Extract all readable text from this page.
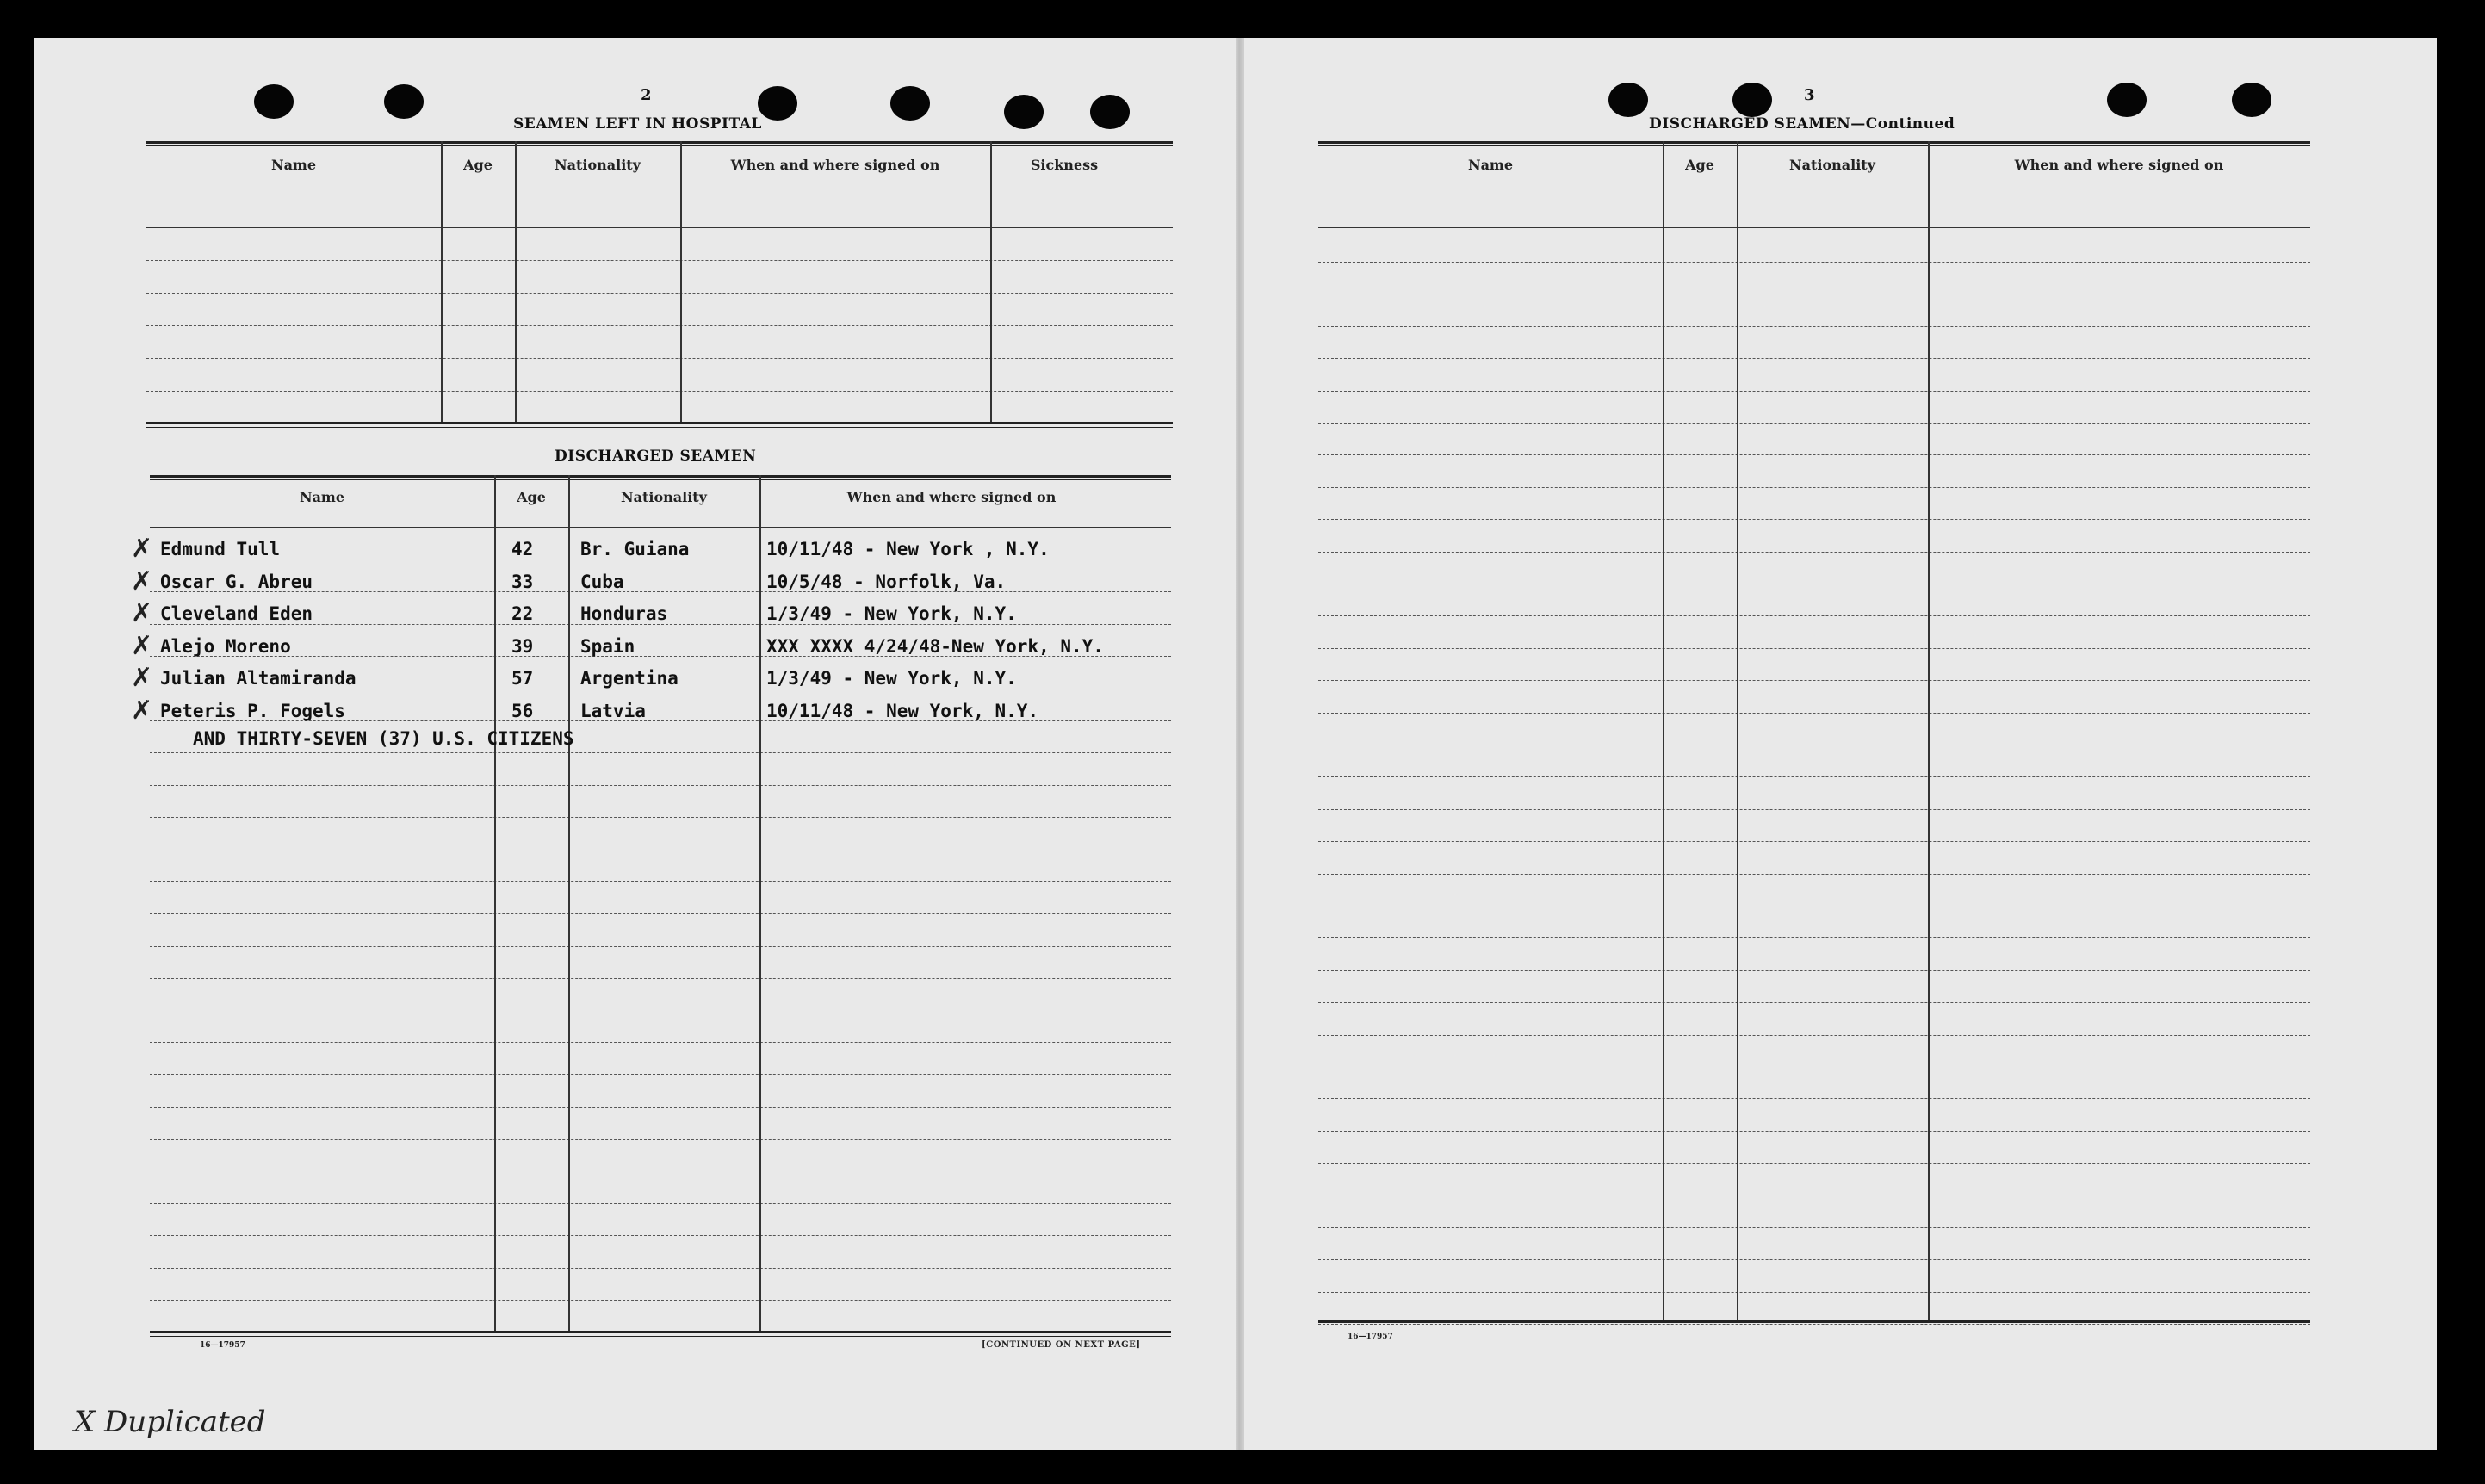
2
SEAMEN LEFT IN HOSPITAL
Name	Age	Nationality	When and where signed on	Sickness
DISCHARGED SEAMEN
Name	Age	Nationality	When and where signed on
✗ Edmund Tull	42	Br. Guiana	10/11/48 - New York , N.Y.
✗ Oscar G. Abreu	33	Cuba	10/5/48 - Norfolk, Va.
✗ Cleveland Eden	22	Honduras	1/3/49 - New York, N.Y.
✗ Alejo Moreno	39	Spain	XXX XXXX 4/24/48-New York, N.Y.
✗ Julian Altamiranda	57	Argentina	1/3/49 - New York, N.Y.
✗ Peteris P. Fogels	56	Latvia	10/11/48 - New York, N.Y.
AND THIRTY-SEVEN (37) U.S. CITIZENS
16—17957	[CONTINUED ON NEXT PAGE]
3
DISCHARGED SEAMEN—Continued
Name	Age	Nationality	When and where signed on
16—17957
X Duplicated
